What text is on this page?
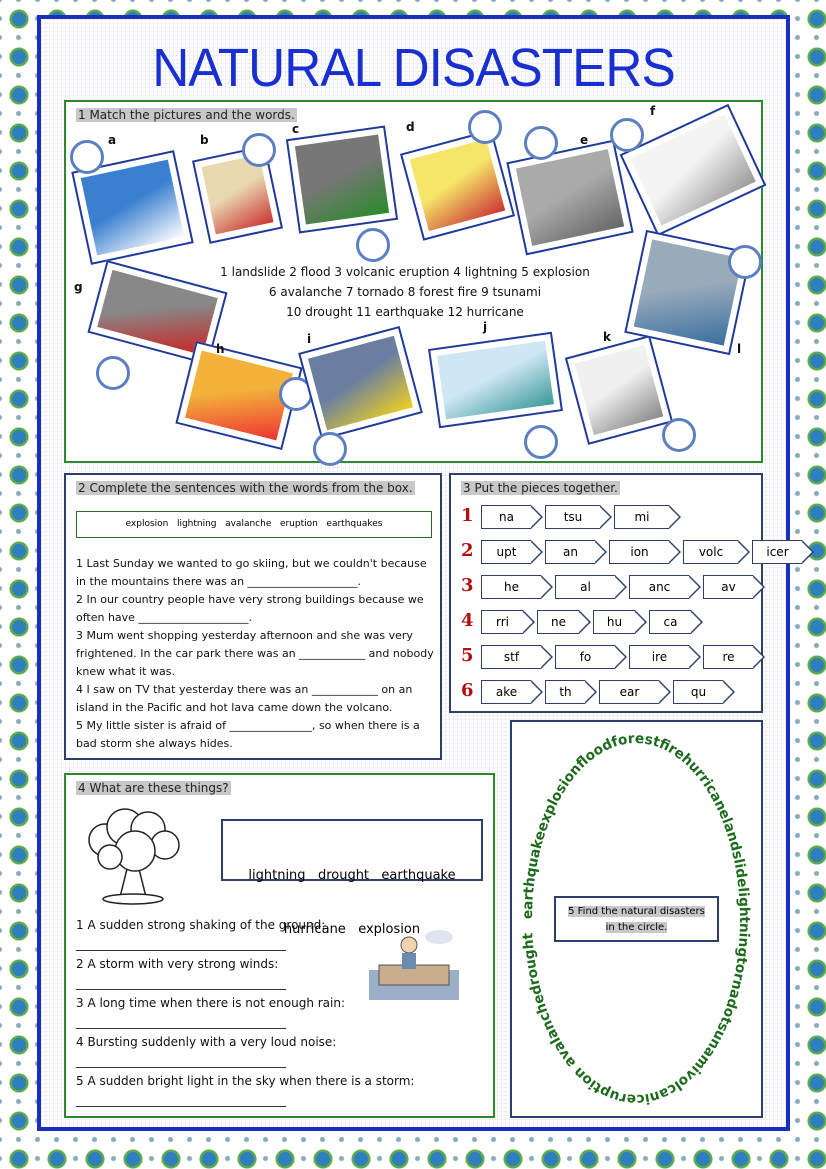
NATURAL DISASTERS
1 Match the pictures and the words.
a	b
c	d
e
f
g
h
i
j
k
l
1 landslide 2 flood 3 volcanic eruption 4 lightning 5 explosion
6 avalanche 7 tornado 8 forest fire 9 tsunami
10 drought 11 earthquake 12 hurricane
2 Complete the sentences with the words from the box.
explosion   lightning   avalanche   eruption   earthquakes
1 Last Sunday we wanted to go skiing, but we couldn't because in the mountains there was an ____________________.
2 In our country people have very strong buildings because we often have ____________________.
3 Mum went shopping yesterday afternoon and she was very frightened. In the car park there was an ____________ and nobody knew what it was.
4 I saw on TV that yesterday there was an ____________ on an island in the Pacific and hot lava came down the volcano.
5 My little sister is afraid of _______________, so when there is a bad storm she always hides.
3 Put the pieces together.
1	na	tsu	mi
2	upt	an	ion	volc	icer
3	he	al	anc	av
4	rri	ne	hu	ca
5	stf	fo	ire	re
6	ake	th	ear	qu
4 What are these things?

lightning   drought   earthquake

hurricane   explosion

1 A sudden strong shaking of the ground:
2 A storm with very strong winds:
3 A long time when there is not enough rain:
4 Bursting suddenly with a very loud noise:
5 A sudden bright light in the sky when there is a storm:
5 Find the natural disasters in the circle.
earthquakeexplosionfloodforestfirehurricanelandslidelightningtornadotsunamivolcaniceruption avalanchedrought
